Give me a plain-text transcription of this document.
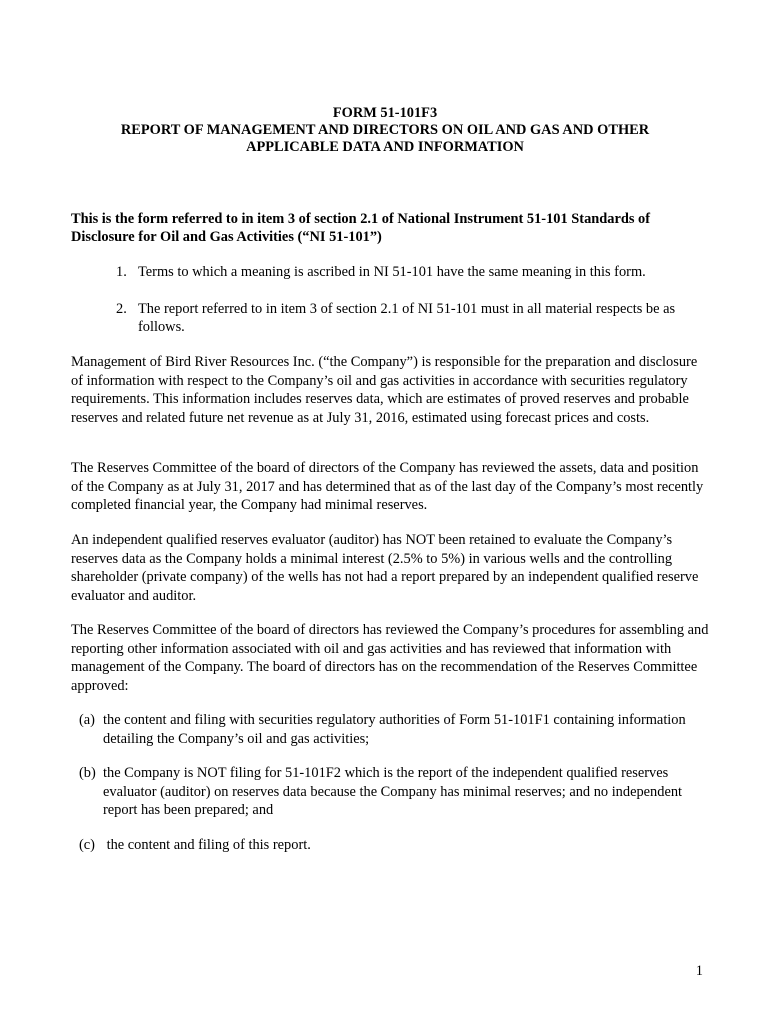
FORM 51-101F3
REPORT OF MANAGEMENT AND DIRECTORS ON OIL AND GAS AND OTHER
APPLICABLE DATA AND INFORMATION
This is the form referred to in item 3 of section 2.1 of National Instrument 51-101 Standards of Disclosure for Oil and Gas Activities (“NI 51-101”)
1. Terms to which a meaning is ascribed in NI 51-101 have the same meaning in this form.
2. The report referred to in item 3 of section 2.1 of NI 51-101 must in all material respects be as follows.
Management of Bird River Resources Inc. (“the Company”) is responsible for the preparation and disclosure of information with respect to the Company’s oil and gas activities in accordance with securities regulatory requirements. This information includes reserves data, which are estimates of proved reserves and probable reserves and related future net revenue as at July 31, 2016, estimated using forecast prices and costs.
The Reserves Committee of the board of directors of the Company has reviewed the assets, data and position of the Company as at July 31, 2017 and has determined that as of the last day of the Company’s most recently completed financial year, the Company had minimal reserves.
An independent qualified reserves evaluator (auditor) has NOT been retained to evaluate the Company’s reserves data as the Company holds a minimal interest (2.5% to 5%) in various wells and the controlling shareholder (private company) of the wells has not had a report prepared by an independent qualified reserve evaluator and auditor.
The Reserves Committee of the board of directors has reviewed the Company’s procedures for assembling and reporting other information associated with oil and gas activities and has reviewed that information with management of the Company. The board of directors has on the recommendation of the Reserves Committee approved:
(a) the content and filing with securities regulatory authorities of Form 51-101F1 containing information detailing the Company’s oil and gas activities;
(b) the Company is NOT filing for 51-101F2 which is the report of the independent qualified reserves evaluator (auditor) on reserves data because the Company has minimal reserves; and no independent report has been prepared; and
(c) the content and filing of this report.
1
